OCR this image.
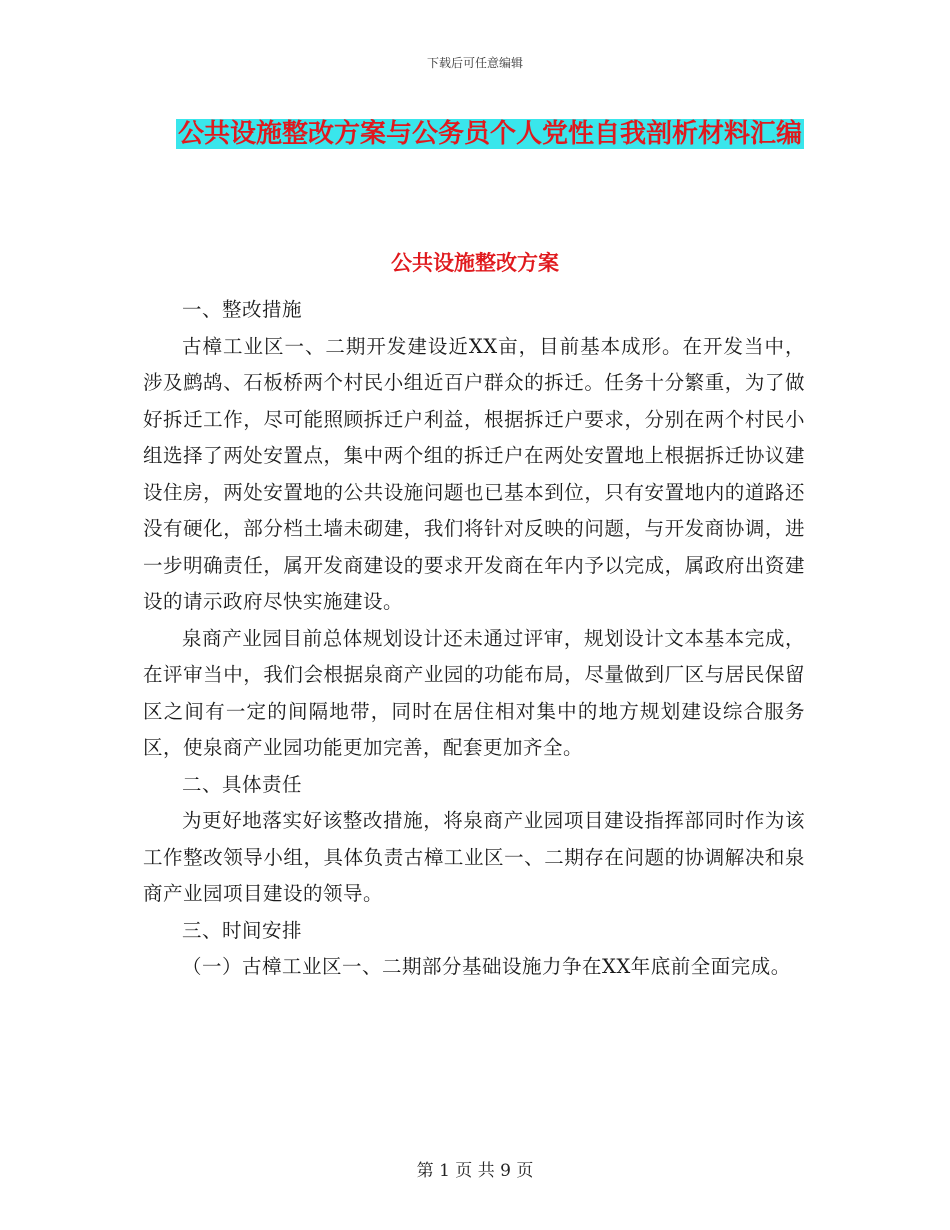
下载后可任意编辑
公共设施整改方案与公务员个人党性自我剖析材料汇编
公共设施整改方案

一、整改措施

古樟工业区一、二期开发建设近XX亩，目前基本成形。在开发当中，涉及鹧鸪、石板桥两个村民小组近百户群众的拆迁。任务十分繁重，为了做好拆迁工作，尽可能照顾拆迁户利益，根据拆迁户要求，分别在两个村民小组选择了两处安置点，集中两个组的拆迁户在两处安置地上根据拆迁协议建设住房，两处安置地的公共设施问题也已基本到位，只有安置地内的道路还没有硬化，部分档土墙未砌建，我们将针对反映的问题，与开发商协调，进一步明确责任，属开发商建设的要求开发商在年内予以完成，属政府出资建设的请示政府尽快实施建设。

泉商产业园目前总体规划设计还未通过评审，规划设计文本基本完成，在评审当中，我们会根据泉商产业园的功能布局，尽量做到厂区与居民保留区之间有一定的间隔地带，同时在居住相对集中的地方规划建设综合服务区，使泉商产业园功能更加完善，配套更加齐全。

二、具体责任

为更好地落实好该整改措施，将泉商产业园项目建设指挥部同时作为该工作整改领导小组，具体负责古樟工业区一、二期存在问题的协调解决和泉商产业园项目建设的领导。

三、时间安排

（一）古樟工业区一、二期部分基础设施力争在XX年底前全面完成。

第 1 页 共 9 页
